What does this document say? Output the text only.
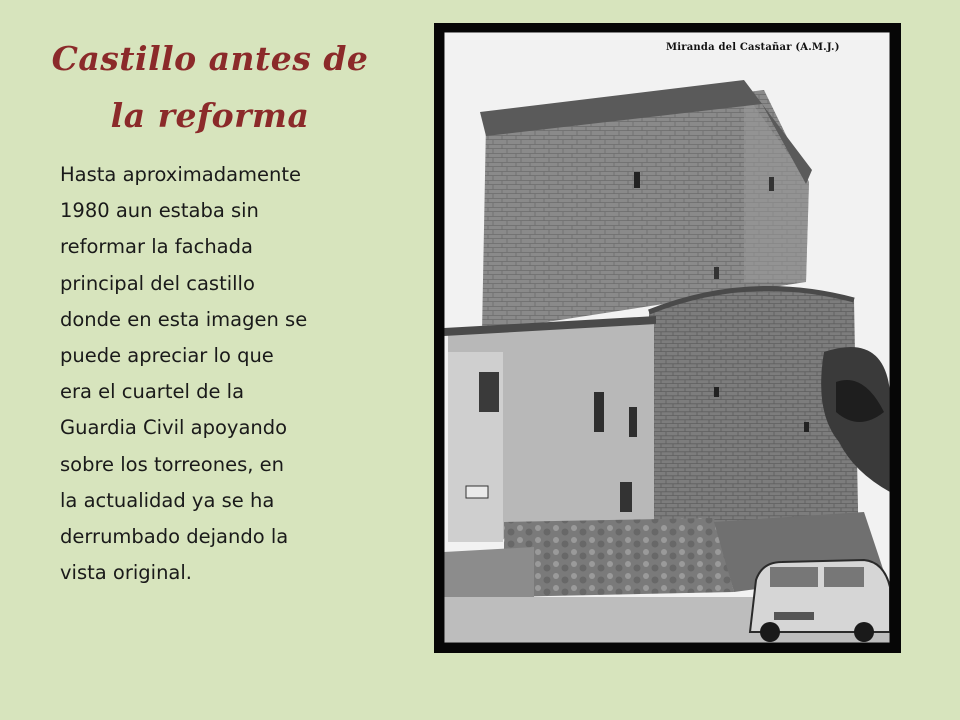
Castillo antes de
la reforma
Hasta aproximadamente
1980 aun estaba sin
reformar la fachada
principal del castillo
donde en esta imagen se
puede apreciar lo que
era el cuartel de la
Guardia Civil apoyando
sobre los torreones, en
la actualidad ya se ha
derrumbado dejando la
vista original.
Miranda del Castañar (A.M.J.)
